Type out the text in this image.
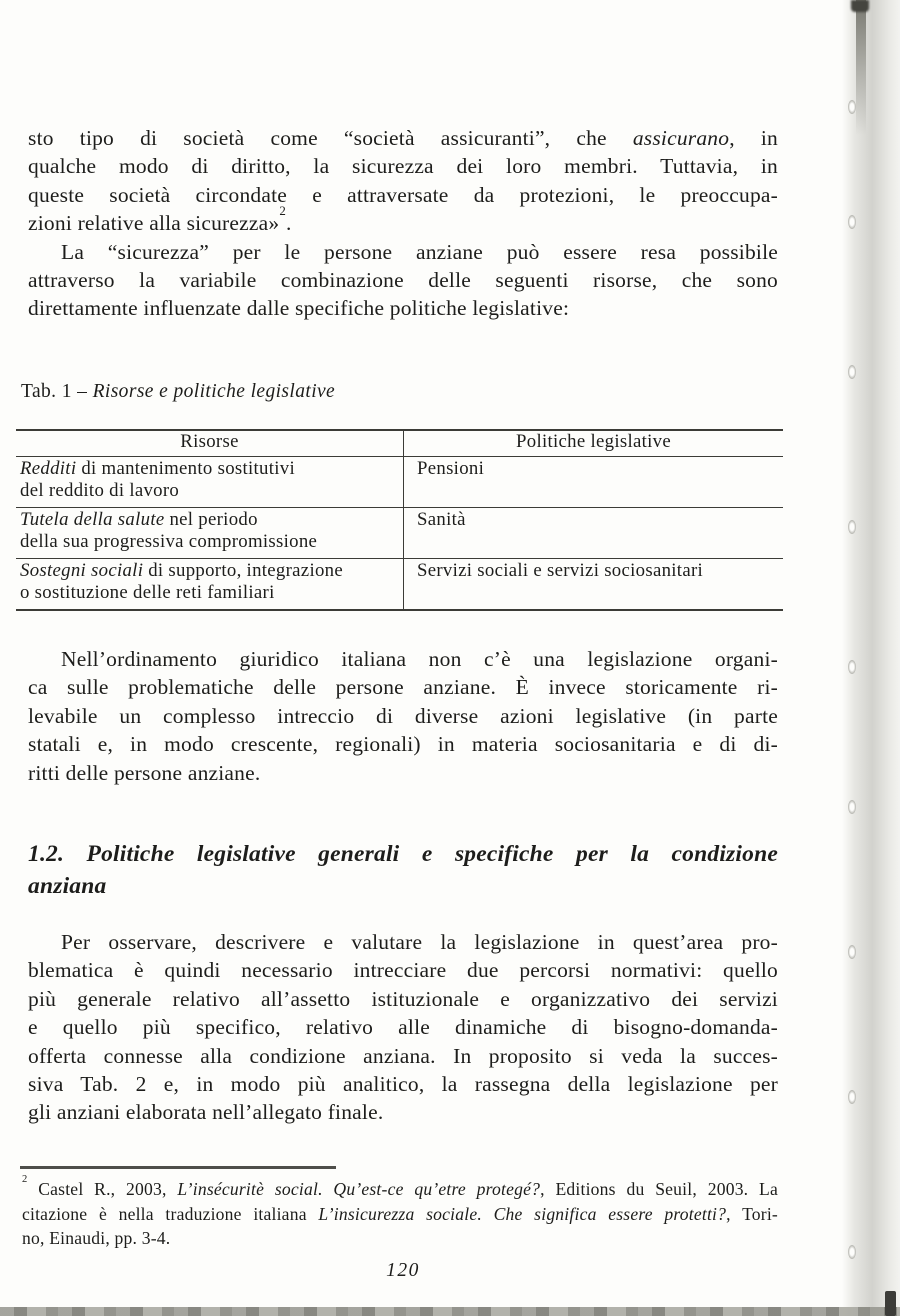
sto tipo di società come “società assicuranti”, che assicurano, in
qualche modo di diritto, la sicurezza dei loro membri. Tuttavia, in
queste società circondate e attraversate da protezioni, le preoccupa-
zioni relative alla sicurezza»$^2$.
La “sicurezza” per le persone anziane può essere resa possibile
attraverso la variabile combinazione delle seguenti risorse, che sono
direttamente influenzate dalle specifiche politiche legislative:
Tab. 1 – Risorse e politiche legislative
Risorse	Politiche legislative
Redditi di mantenimento sostitutivi
del reddito di lavoro
Pensioni
Tutela della salute nel periodo
della sua progressiva compromissione
Sanità
Sostegni sociali di supporto, integrazione
o sostituzione delle reti familiari
Servizi sociali e servizi sociosanitari
Nell’ordinamento giuridico italiana non c’è una legislazione organi-
ca sulle problematiche delle persone anziane. È invece storicamente ri-
levabile un complesso intreccio di diverse azioni legislative (in parte
statali e, in modo crescente, regionali) in materia sociosanitaria e di di-
ritti delle persone anziane.
1.2. Politiche legislative generali e specifiche per la condizione
anziana
Per osservare, descrivere e valutare la legislazione in quest’area pro-
blematica è quindi necessario intrecciare due percorsi normativi: quello
più generale relativo all’assetto istituzionale e organizzativo dei servizi
e quello più specifico, relativo alle dinamiche di bisogno-domanda-
offerta connesse alla condizione anziana. In proposito si veda la succes-
siva Tab. 2 e, in modo più analitico, la rassegna della legislazione per
gli anziani elaborata nell’allegato finale.
$^2$ Castel R., 2003, L’insécuritè social. Qu’est-ce qu’etre protegé?, Editions du Seuil, 2003. La
citazione è nella traduzione italiana L’insicurezza sociale. Che significa essere protetti?, Tori-
no, Einaudi, pp. 3-4.
120
